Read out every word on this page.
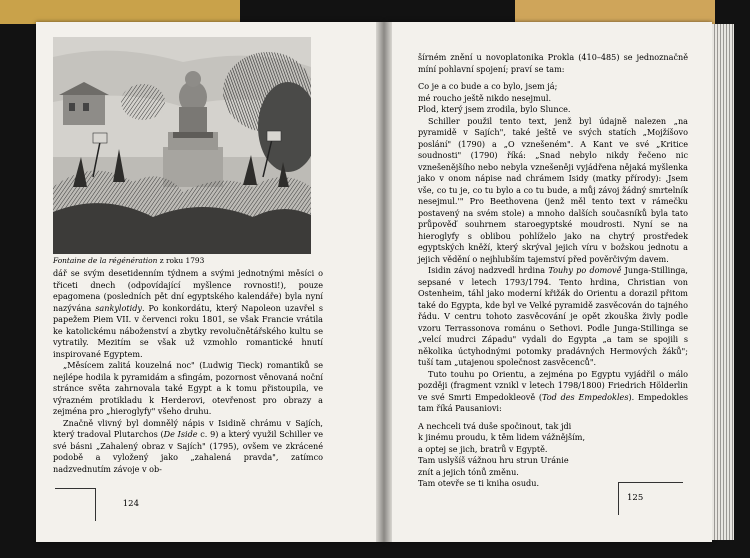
Fontaine de la régénération z roku 1793

dář se svým desetidenním týdnem a svými jednotnými měsíci o třiceti dnech (odpovídající myšlence rovnosti!), pouze epagomena (posledních pět dní egyptského kalendáře) byla nyní nazývána sankylotidy. Po konkordátu, který Napoleon uzavřel s papežem Piem VII. v červenci roku 1801, se však Francie vrátila ke katolickému náboženství a zbytky revolučnětářského kultu se vytratily. Mezitím se však už vzmohlo romantické hnutí inspirované Egyptem.

„Měsícem zalitá kouzelná noc" (Ludwig Tieck) romantiků se nejlépe hodila k pyramidám a sfingám, pozornost věnovaná noční stránce světa zahrnovala také Egypt a k tomu přistoupila, ve výrazném protikladu k Herderovi, otevřenost pro obrazy a zejména pro „hieroglyfy" všeho druhu.

Značně vlivný byl domnělý nápis v Isidině chrámu v Sajích, který tradoval Plutarchos (De Iside c. 9) a který využil Schiller ve své básni „Zahalený obraz v Sajích" (1795), ovšem ve zkrácené podobě a vyložený jako „zahalená pravda", zatímco nadzvednutím závoje v ob-

124

šírném znění u novoplatonika Prokla (410–485) se jednoznačně míní pohlavní spojení; praví se tam:

Co je a co bude a co bylo, jsem já;
mé roucho ještě nikdo nesejmul.
Plod, který jsem zrodila, bylo Slunce.

Schiller použil tento text, jenž byl údajně nalezen „na pyramidě v Sajích", také ještě ve svých statích „Mojžíšovo poslání" (1790) a „O vznešeném". A Kant ve své „Kritice soudnosti" (1790) říká: „Snad nebylo nikdy řečeno nic vznešenějšího nebo nebyla vznešeněji vyjádřena nějaká myšlenka jako v onom nápise nad chrámem Isidy (matky přírody): ‚Jsem vše, co tu je, co tu bylo a co tu bude, a můj závoj žádný smrtelník nesejmul.'" Pro Beethovena (jenž měl tento text v rámečku postavený na svém stole) a mnoho dalších současníků byla tato průpověď souhrnem staroegyptské moudrosti. Nyní se na hieroglyfy s oblibou pohlíželo jako na chytrý prostředek egyptských kněží, který skrýval jejich víru v božskou jednotu a jejich vědění o nejhlubším tajemství před pověrčivým davem.

Isidin závoj nadzvedl hrdina Touhy po domově Junga-Stillinga, sepsané v letech 1793/1794. Tento hrdina, Christian von Ostenheim, táhl jako moderní křižák do Orientu a dorazil přitom také do Egypta, kde byl ve Velké pyramidě zasvěcován do tajného řádu. V centru tohoto zasvěcování je opět zkouška živly podle vzoru Terrassonova románu o Sethovi. Podle Junga-Stillinga se „velcí mudrci Západu" vydali do Egypta „a tam se spojili s několika úctyhodnými potomky pradávných Hermových žáků"; tuší tam „utajenou společnost zasvěcenců".

Tuto touhu po Orientu, a zejména po Egyptu vyjádřil o málo později (fragment vznikl v letech 1798/1800) Friedrich Hölderlin ve své Smrti Empedokleově (Tod des Empedokles). Empedokles tam říká Pausaniovi:

A nechceli tvá duše spočinout, tak jdi
k jinému proudu, k těm lidem vážnějším,
a optej se jich, bratrů v Egyptě.
Tam uslyšíš vážnou hru strun Uránie
znít a jejich tónů změnu.
Tam otevře se ti kniha osudu.

125
